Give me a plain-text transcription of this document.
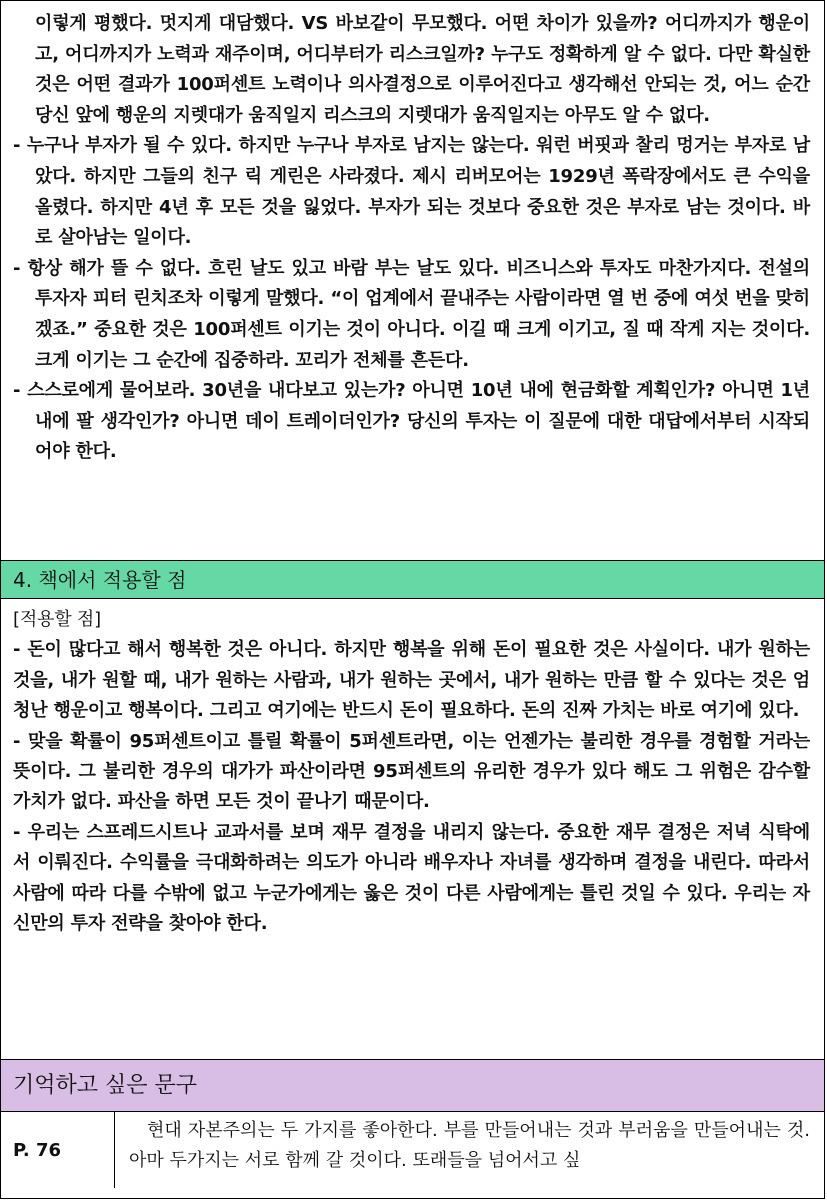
이렇게 평했다. 멋지게 대담했다. VS 바보같이 무모했다. 어떤 차이가 있을까? 어디까지가 행운이고, 어디까지가 노력과 재주이며, 어디부터가 리스크일까? 누구도 정확하게 알 수 없다. 다만 확실한 것은 어떤 결과가 100퍼센트 노력이나 의사결정으로 이루어진다고 생각해선 안되는 것, 어느 순간 당신 앞에 행운의 지렛대가 움직일지 리스크의 지렛대가 움직일지는 아무도 알 수 없다.

- 누구나 부자가 될 수 있다. 하지만 누구나 부자로 남지는 않는다. 워런 버핏과 찰리 멍거는 부자로 남았다. 하지만 그들의 친구 릭 게린은 사라졌다. 제시 리버모어는 1929년 폭락장에서도 큰 수익을 올렸다. 하지만 4년 후 모든 것을 잃었다. 부자가 되는 것보다 중요한 것은 부자로 남는 것이다. 바로 살아남는 일이다.

- 항상 해가 뜰 수 없다. 흐린 날도 있고 바람 부는 날도 있다. 비즈니스와 투자도 마찬가지다. 전설의 투자자 피터 린치조차 이렇게 말했다. “이 업계에서 끝내주는 사람이라면 열 번 중에 여섯 번을 맞히겠죠.” 중요한 것은 100퍼센트 이기는 것이 아니다. 이길 때 크게 이기고, 질 때 작게 지는 것이다. 크게 이기는 그 순간에 집중하라. 꼬리가 전체를 흔든다.

- 스스로에게 물어보라. 30년을 내다보고 있는가? 아니면 10년 내에 현금화할 계획인가? 아니면 1년 내에 팔 생각인가? 아니면 데이 트레이더인가? 당신의 투자는 이 질문에 대한 대답에서부터 시작되어야 한다.

4. 책에서 적용할 점

[적용할 점]

- 돈이 많다고 해서 행복한 것은 아니다. 하지만 행복을 위해 돈이 필요한 것은 사실이다. 내가 원하는 것을, 내가 원할 때, 내가 원하는 사람과, 내가 원하는 곳에서, 내가 원하는 만큼 할 수 있다는 것은 엄청난 행운이고 행복이다. 그리고 여기에는 반드시 돈이 필요하다. 돈의 진짜 가치는 바로 여기에 있다.

- 맞을 확률이 95퍼센트이고 틀릴 확률이 5퍼센트라면, 이는 언젠가는 불리한 경우를 경험할 거라는 뜻이다. 그 불리한 경우의 대가가 파산이라면 95퍼센트의 유리한 경우가 있다 해도 그 위험은 감수할 가치가 없다. 파산을 하면 모든 것이 끝나기 때문이다.

- 우리는 스프레드시트나 교과서를 보며 재무 결정을 내리지 않는다. 중요한 재무 결정은 저녁 식탁에서 이뤄진다. 수익률을 극대화하려는 의도가 아니라 배우자나 자녀를 생각하며 결정을 내린다. 따라서 사람에 따라 다를 수밖에 없고 누군가에게는 옳은 것이 다른 사람에게는 틀린 것일 수 있다. 우리는 자신만의 투자 전략을 찾아야 한다.

기억하고 싶은 문구
P. 76
현대 자본주의는 두 가지를 좋아한다. 부를 만들어내는 것과 부러움을 만들어내는 것. 아마 두가지는 서로 함께 갈 것이다. 또래들을 넘어서고 싶
